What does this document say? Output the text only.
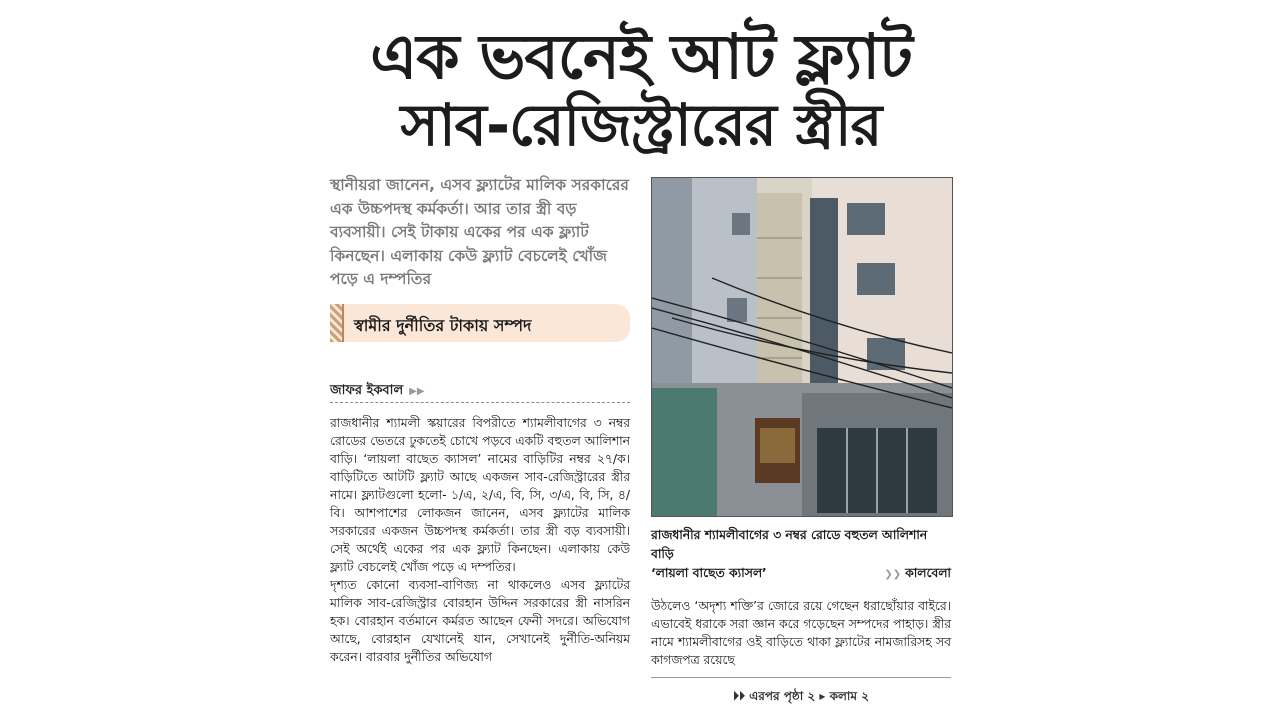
এক ভবনেই আট ফ্ল্যাট
সাব-রেজিস্ট্রারের স্ত্রীর
স্থানীয়রা জানেন, এসব ফ্ল্যাটের মালিক সরকারের এক উচ্চপদস্থ কর্মকর্তা। আর তার স্ত্রী বড় ব্যবসায়ী। সেই টাকায় একের পর এক ফ্ল্যাট কিনছেন। এলাকায় কেউ ফ্ল্যাট বেচলেই খোঁজ পড়ে এ দম্পতির
স্বামীর দুর্নীতির টাকায় সম্পদ
জাফর ইকবাল ▶▶

রাজধানীর শ্যামলী স্কয়ারের বিপরীতে শ্যামলীবাগের ৩ নম্বর রোডের ভেতরে ঢুকতেই চোখে পড়বে একটি বহুতল আলিশান বাড়ি। ‘লায়লা বাছেত ক্যাসল’ নামের বাড়িটির নম্বর ২৭/ক। বাড়িটিতে আটটি ফ্ল্যাট আছে একজন সাব-রেজিস্ট্রারের স্ত্রীর নামে। ফ্ল্যাটগুলো হলো- ১/এ, ২/এ, বি, সি, ৩/এ, বি, সি, ৪/বি। আশপাশের লোকজন জানেন, এসব ফ্ল্যাটের মালিক সরকারের একজন উচ্চপদস্থ কর্মকর্তা। তার স্ত্রী বড় ব্যবসায়ী। সেই অর্থেই একের পর এক ফ্ল্যাট কিনছেন। এলাকায় কেউ ফ্ল্যাট বেচলেই খোঁজ পড়ে এ দম্পতির।

দৃশ্যত কোনো ব্যবসা-বাণিজ্য না থাকলেও এসব ফ্ল্যাটের মালিক সাব-রেজিস্ট্রার বোরহান উদ্দিন সরকারের স্ত্রী নাসরিন হক। বোরহান বর্তমানে কর্মরত আছেন ফেনী সদরে। অভিযোগ আছে, বোরহান যেখানেই যান, সেখানেই দুর্নীতি-অনিয়ম করেন। বারবার দুর্নীতির অভিযোগ

রাজধানীর শ্যামলীবাগের ৩ নম্বর রোডে বহুতল আলিশান বাড়ি
‘লায়লা বাছেত ক্যাসল’	❯❯ কালবেলা
উঠলেও ‘অদৃশ্য শক্তি’র জোরে রয়ে গেছেন ধরাছোঁয়ার বাইরে। এভাবেই ধরাকে সরা জ্ঞান করে গড়েছেন সম্পদের পাহাড়। স্ত্রীর নামে শ্যামলীবাগের ওই বাড়িতে থাকা ফ্ল্যাটের নামজারিসহ সব কাগজপত্র রয়েছে
⏵⏵ এরপর পৃষ্ঠা ২ ▸ কলাম ২
